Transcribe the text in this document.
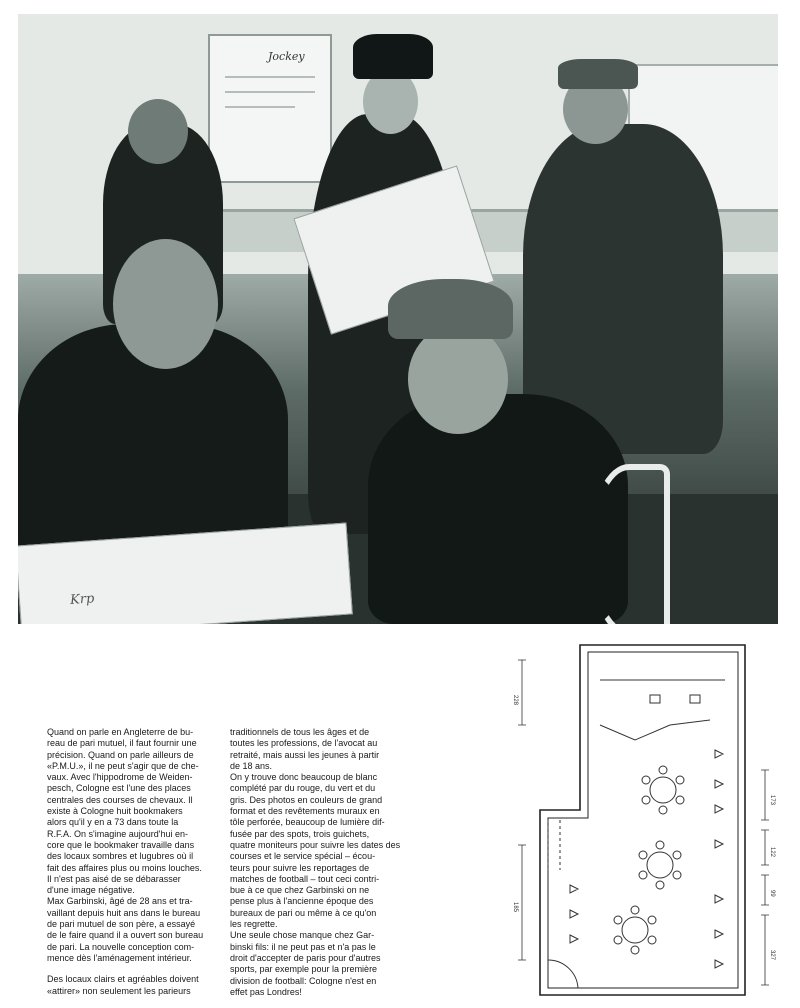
Jockey
Krp

Quand on parle en Angleterre de bu-
reau de pari mutuel, il faut fournir une
précision. Quand on parle ailleurs de
«P.M.U.», il ne peut s'agir que de che-
vaux. Avec l'hippodrome de Weiden-
pesch, Cologne est l'une des places
centrales des courses de chevaux. Il
existe à Cologne huit bookmakers
alors qu'il y en a 73 dans toute la
R.F.A. On s'imagine aujourd'hui en-
core que le bookmaker travaille dans
des locaux sombres et lugubres où il
fait des affaires plus ou moins louches.
Il n'est pas aisé de se débarasser
d'une image négative.
Max Garbinski, âgé de 28 ans et tra-
vaillant depuis huit ans dans le bureau
de pari mutuel de son père, a essayé
de le faire quand il a ouvert son bureau
de pari. La nouvelle conception com-
mence dès l'aménagement intérieur.

Des locaux clairs et agréables doivent
«attirer» non seulement les parieurs

traditionnels de tous les âges et de
toutes les professions, de l'avocat au
retraité, mais aussi les jeunes à partir
de 18 ans.
On y trouve donc beaucoup de blanc
complété par du rouge, du vert et du
gris. Des photos en couleurs de grand
format et des revêtements muraux en
tôle perforée, beaucoup de lumière dif-
fusée par des spots, trois guichets,
quatre moniteurs pour suivre les dates des
courses et le service spécial – écou-
teurs pour suivre les reportages de
matches de football – tout ceci contri-
bue à ce que chez Garbinski on ne
pense plus à l'ancienne époque des
bureaux de pari ou même à ce qu'on
les regrette.
Une seule chose manque chez Gar-
binski fils: il ne peut pas et n'a pas le
droit d'accepter de paris pour d'autres
sports, par exemple pour la première
division de football: Cologne n'est en
effet pas Londres!

228
185
173
122
99
327
